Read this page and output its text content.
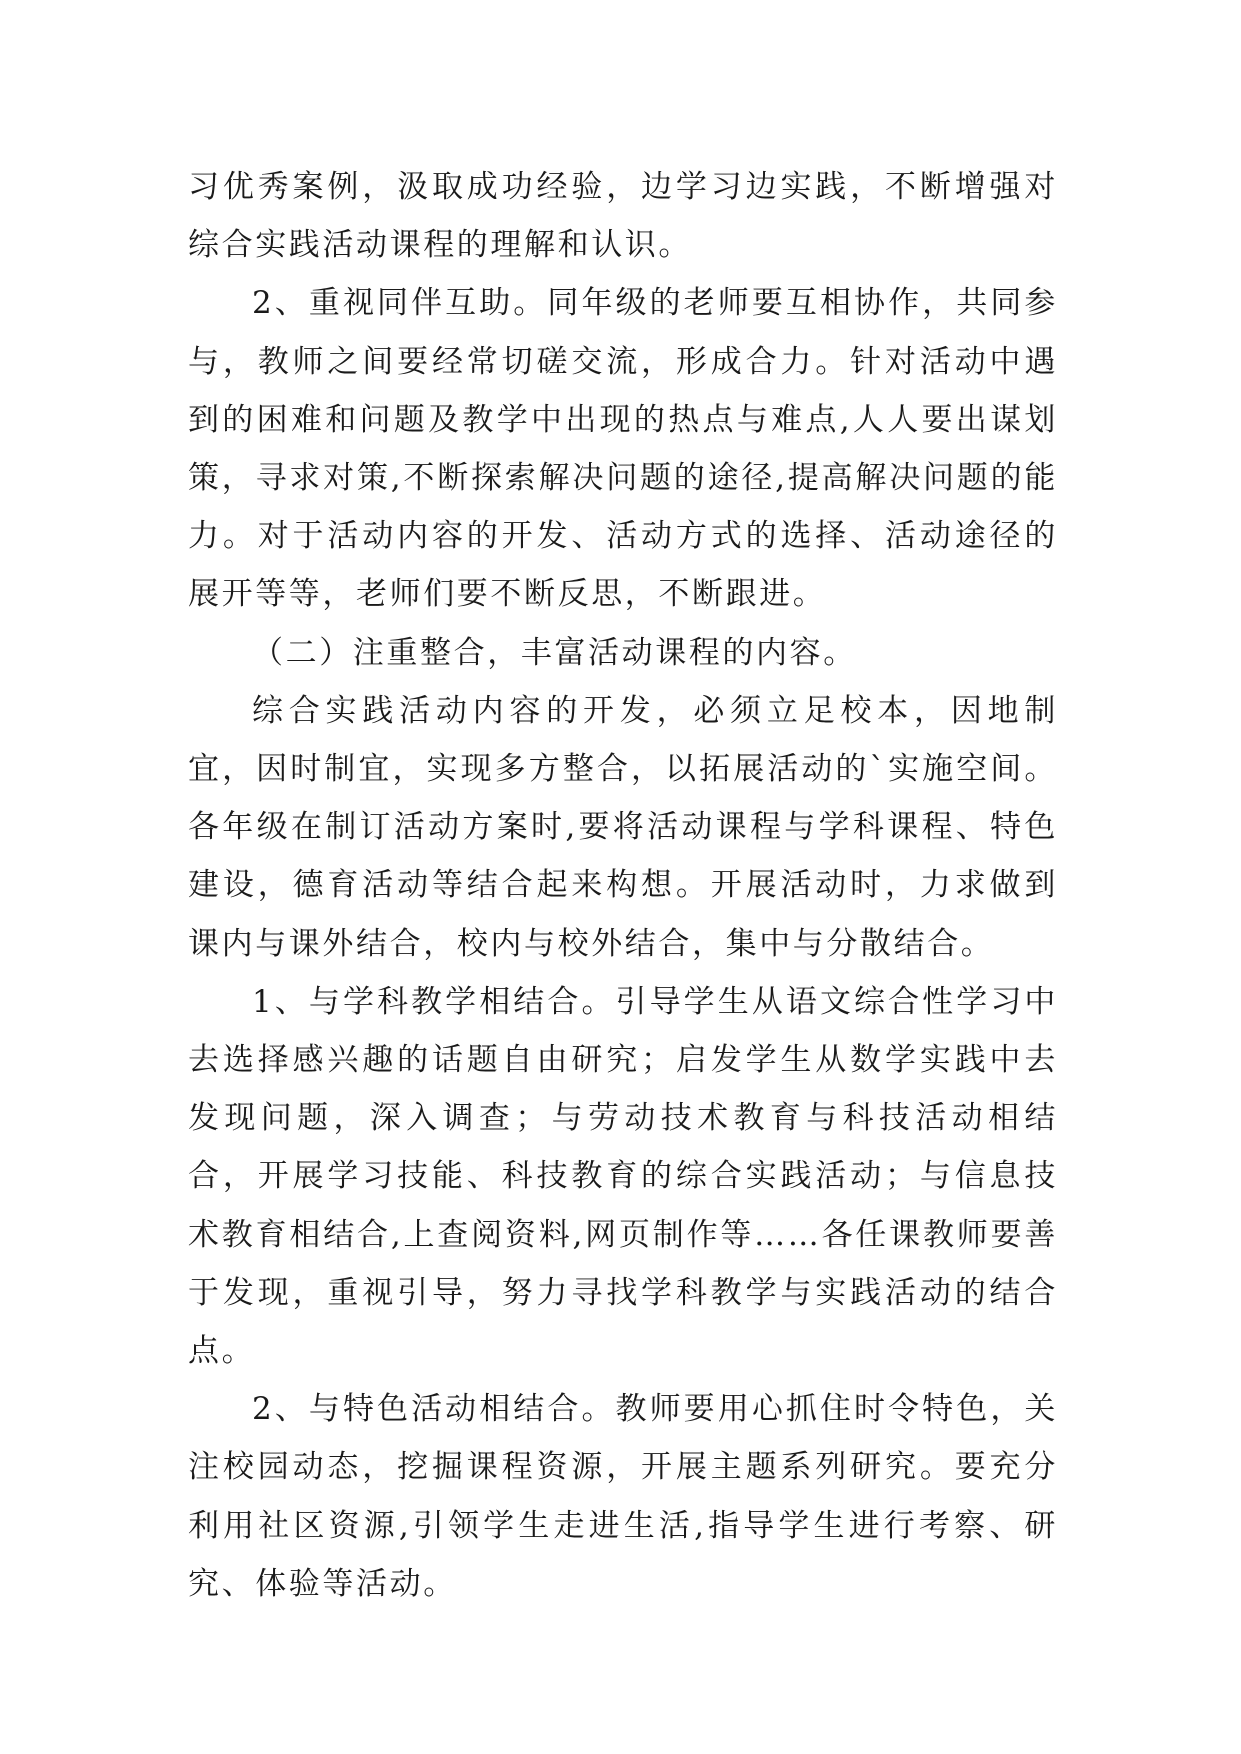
习优秀案例，汲取成功经验，边学习边实践，不断增强对综合实践活动课程的理解和认识。

2、重视同伴互助。同年级的老师要互相协作，共同参与，教师之间要经常切磋交流，形成合力。针对活动中遇到的困难和问题及教学中出现的热点与难点,人人要出谋划策，寻求对策,不断探索解决问题的途径,提高解决问题的能力。对于活动内容的开发、活动方式的选择、活动途径的展开等等，老师们要不断反思，不断跟进。

（二）注重整合，丰富活动课程的内容。

综合实践活动内容的开发，必须立足校本，因地制宜，因时制宜，实现多方整合，以拓展活动的`实施空间。各年级在制订活动方案时,要将活动课程与学科课程、特色建设，德育活动等结合起来构想。开展活动时，力求做到课内与课外结合，校内与校外结合，集中与分散结合。

1、与学科教学相结合。引导学生从语文综合性学习中去选择感兴趣的话题自由研究；启发学生从数学实践中去发现问题，深入调查；与劳动技术教育与科技活动相结合，开展学习技能、科技教育的综合实践活动；与信息技术教育相结合,上查阅资料,网页制作等……各任课教师要善于发现，重视引导，努力寻找学科教学与实践活动的结合点。

2、与特色活动相结合。教师要用心抓住时令特色，关注校园动态，挖掘课程资源，开展主题系列研究。要充分利用社区资源,引领学生走进生活,指导学生进行考察、研究、体验等活动。
